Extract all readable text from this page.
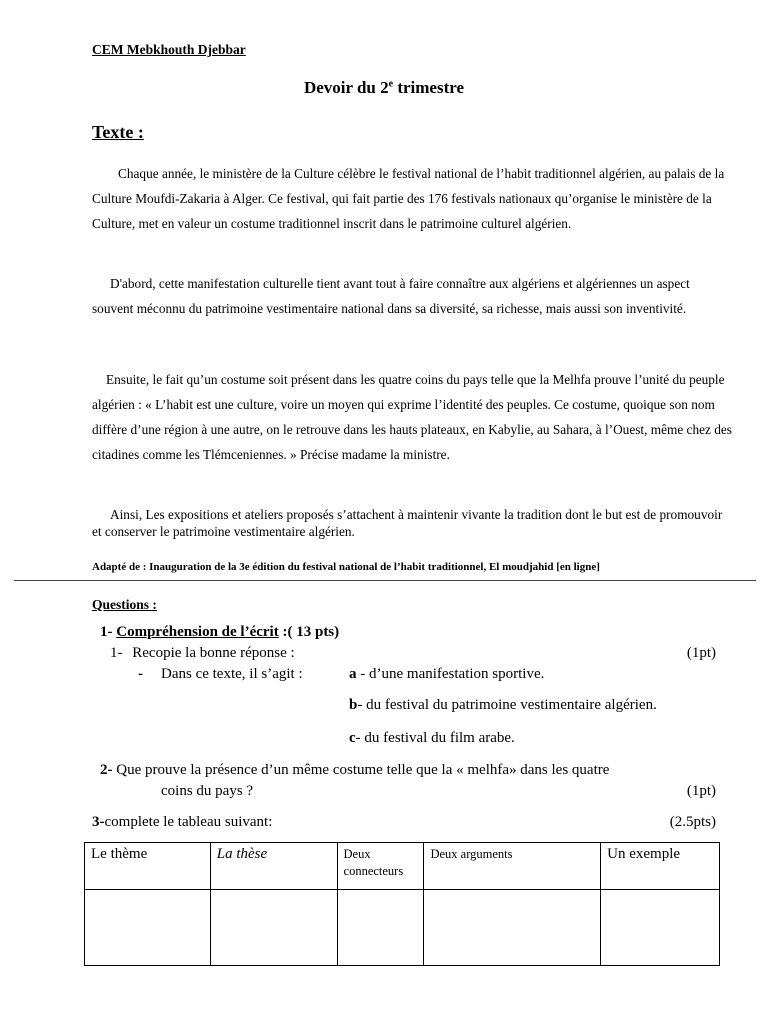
CEM Mebkhouth Djebbar
Devoir du 2e trimestre
Texte :
Chaque année, le ministère de la Culture célèbre le festival national de l’habit traditionnel algérien, au palais de la Culture Moufdi-Zakaria à Alger. Ce festival, qui fait partie des 176 festivals nationaux qu’organise le ministère de la Culture, met en valeur un costume traditionnel inscrit dans le patrimoine culturel algérien.
D'abord, cette manifestation culturelle tient avant tout à faire connaître aux algériens et algériennes un aspect souvent méconnu du patrimoine vestimentaire national dans sa diversité, sa richesse, mais aussi son inventivité.
Ensuite, le fait qu’un costume soit présent dans les quatre coins du pays telle que la Melhfa prouve l’unité du peuple algérien : « L’habit est une culture, voire un moyen qui exprime l’identité des peuples. Ce costume, quoique son nom diffère d’une région à une autre, on le retrouve dans les hauts plateaux, en Kabylie, au Sahara, à l’Ouest, même chez des citadines comme les Tlémceniennes. » Précise madame la ministre.
Ainsi, Les expositions et ateliers proposés s’attachent à maintenir vivante la tradition dont le but est de promouvoir et conserver le patrimoine vestimentaire algérien.
Adapté de : Inauguration de la 3e édition du festival national de l’habit traditionnel, El moudjahid [en ligne]
Questions :
1- Compréhension de l’écrit :( 13 pts)
1- Recopie la bonne réponse :	(1pt)
- Dans ce texte, il s’agit :	a - d’une manifestation sportive.
b- du festival du patrimoine vestimentaire algérien.
c- du festival du film arabe.
2- Que prouve la présence d’un même costume telle que la « melhfa» dans les quatre
coins du pays ?	(1pt)
3-complete le tableau suivant:	(2.5pts)
Le thème	La thèse	Deux connecteurs	Deux arguments	Un exemple
